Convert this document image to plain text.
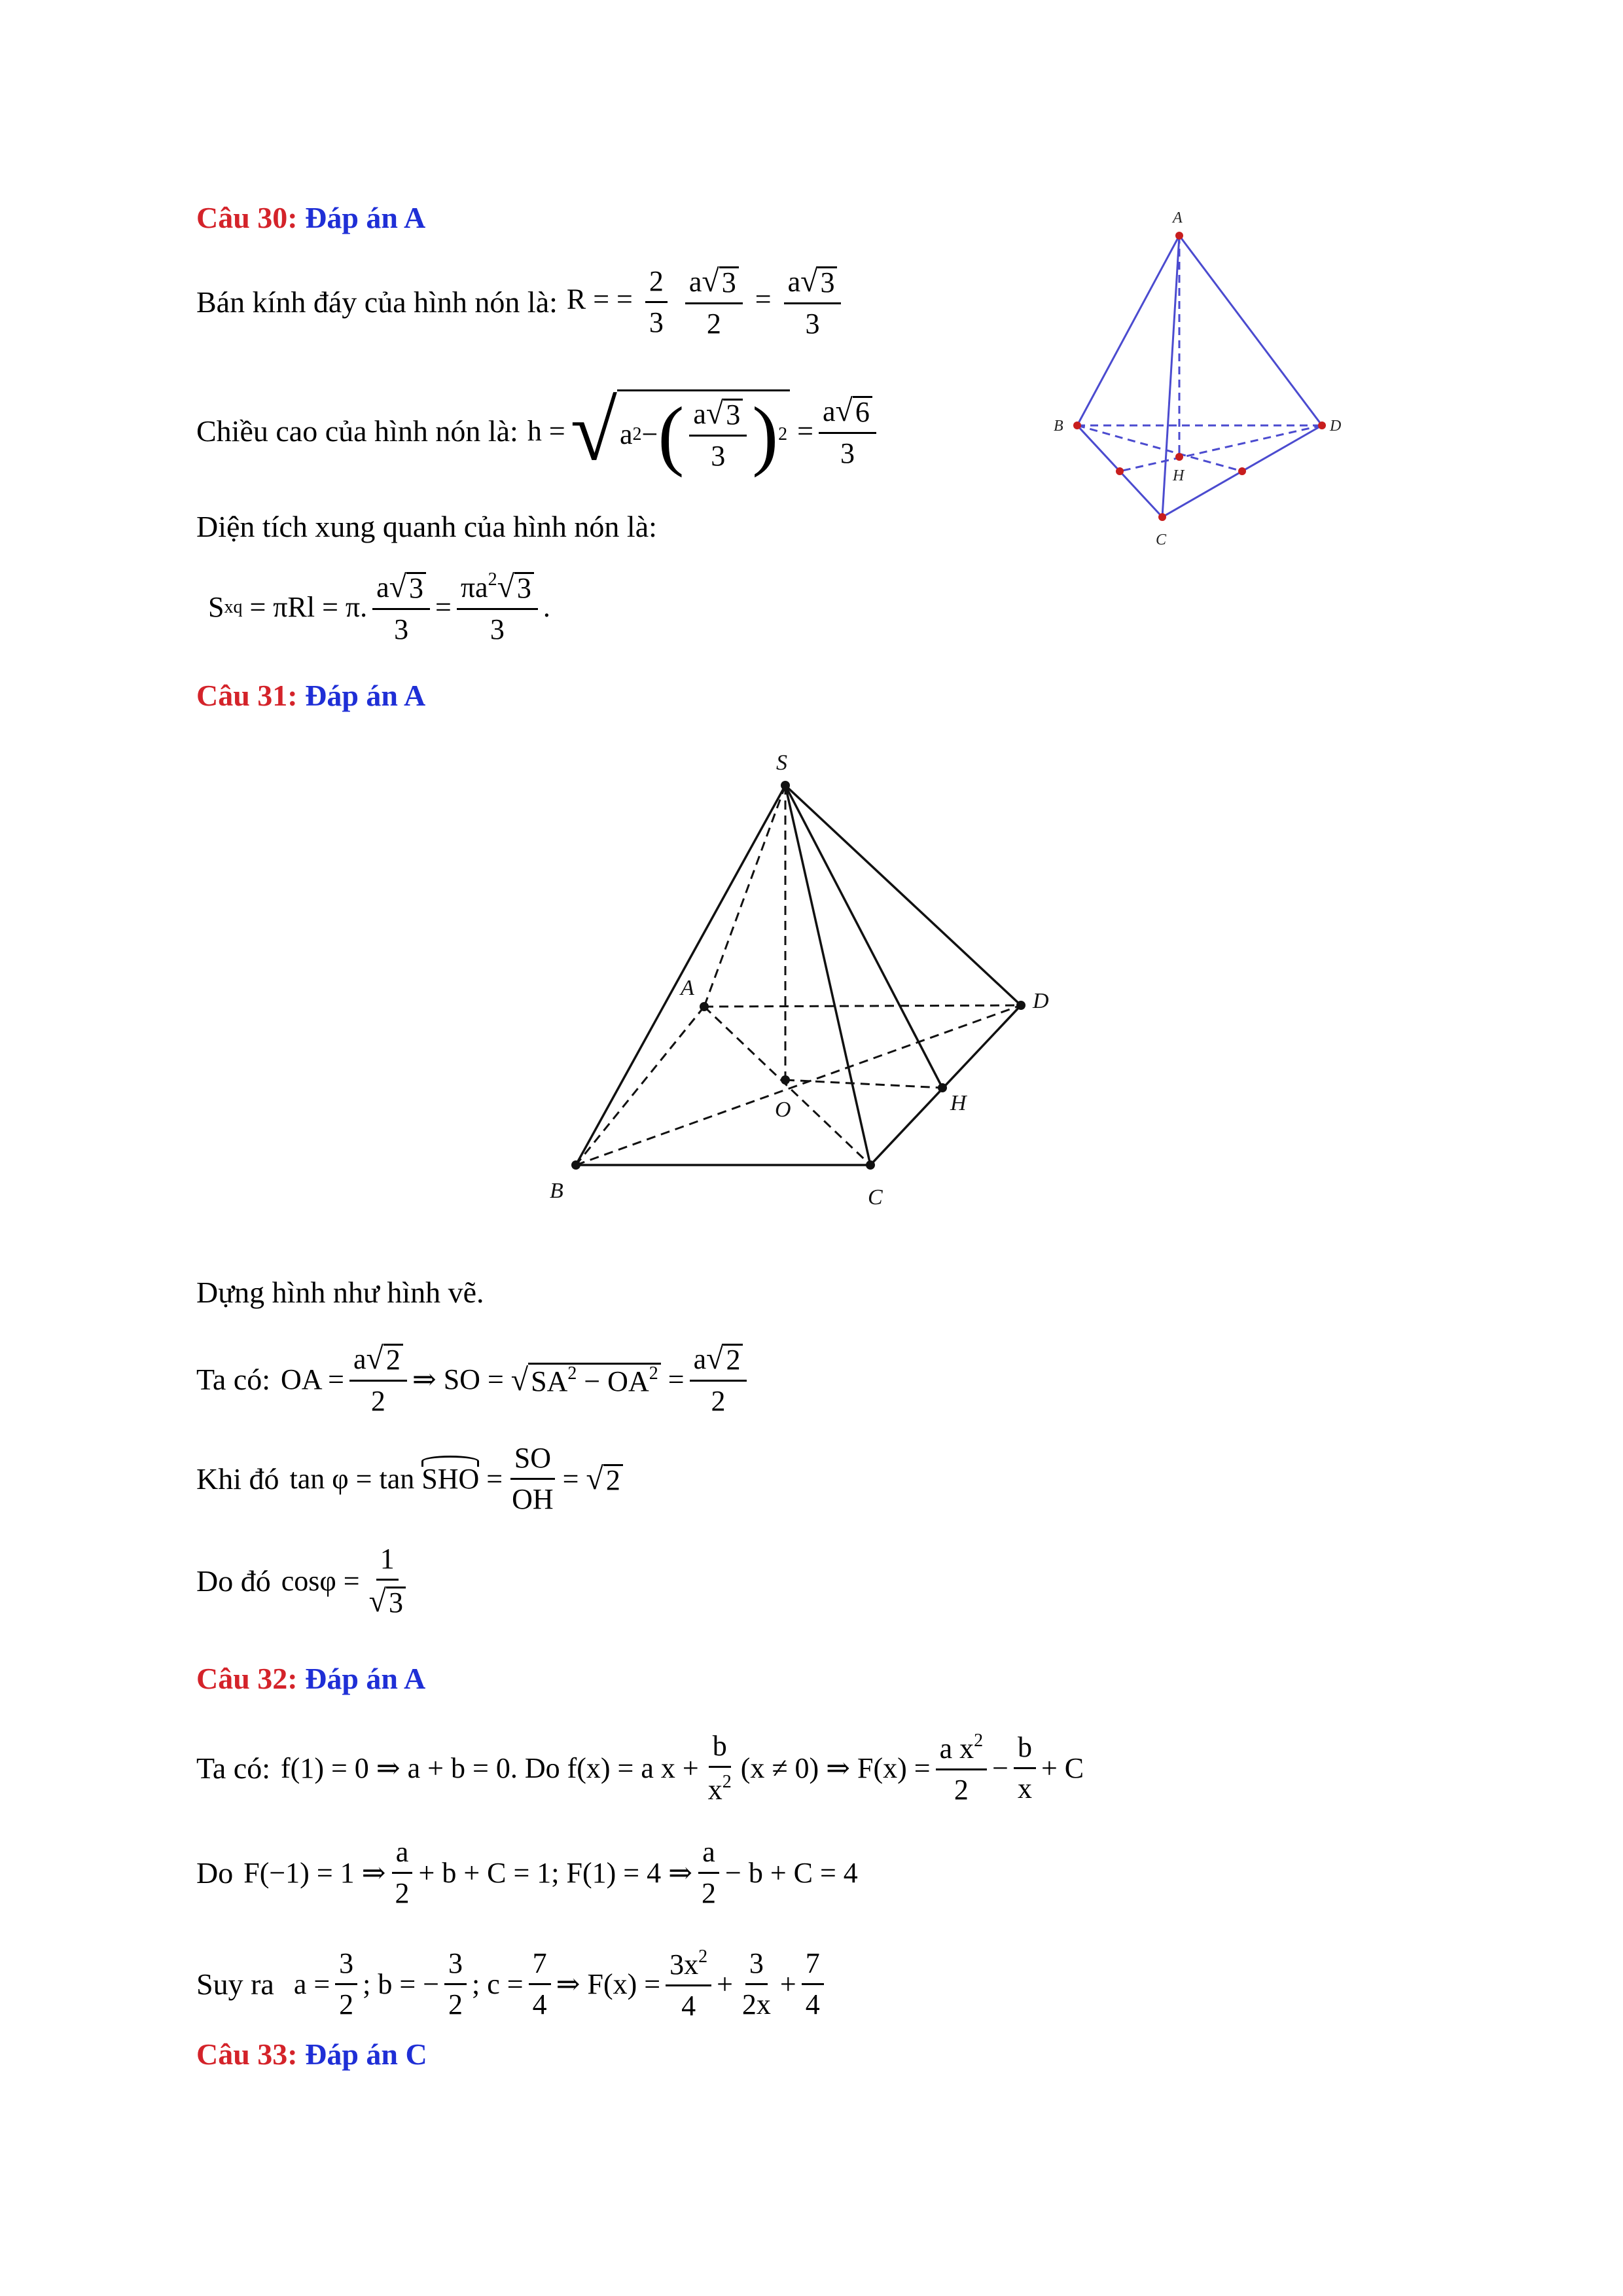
Câu 30: Đáp án A
Bán kính đáy của hình nón là: R = = $\frac{2}{3}$
$\frac{a √ 3}{2} = \frac{a √ 3}{3}$
Chiều cao của hình nón là: h = √ a 2 − ( $\frac{a √ 3}{3}$ ) $2 = \frac{a √ 6}{3}$
Diện tích xung quanh của hình nón là:
S xq = πRl = π. $\frac{a √ 3}{3} = \frac{\pi a^2 √ 3}{3}$ .
A
B	D
C
H
Câu 31: Đáp án A
S
A
B	C
D
O	H
Dựng hình như hình vẽ.
Ta có: OA = $\frac{a √ 2}{2}$ ⇒ SO = √ $SA^2 - OA^2 = \frac{a √ 2}{2}$
Khi đó tan φ = tan SHO = $\frac{SO}{OH}$ = √ 2
Do đó $\cos\varphi = \frac{1}{√ 3}$
Câu 32: Đáp án A
Ta có: f(1) = 0 ⇒ a + b = 0. Do f(x) = a $x + \frac{b}{x^2} (x \ne 0)$ ⇒ $F(x) = \frac{a x^2}{2} - \frac{b}{x} + C$
Do F(−1) = 1 ⇒ $\frac{a}{2} + b + C = 1$; F(1) = 4 ⇒ $\frac{a}{2} - b + C = 4$
Suy ra $a = \frac{3}{2}$ ; b = − $\frac{3}{2}$ ; $c = \frac{7}{4}$ ⇒ $F(x) = \frac{3x^2}{4} + \frac{3}{2x} + \frac{7}{4}$
Câu 33: Đáp án C
